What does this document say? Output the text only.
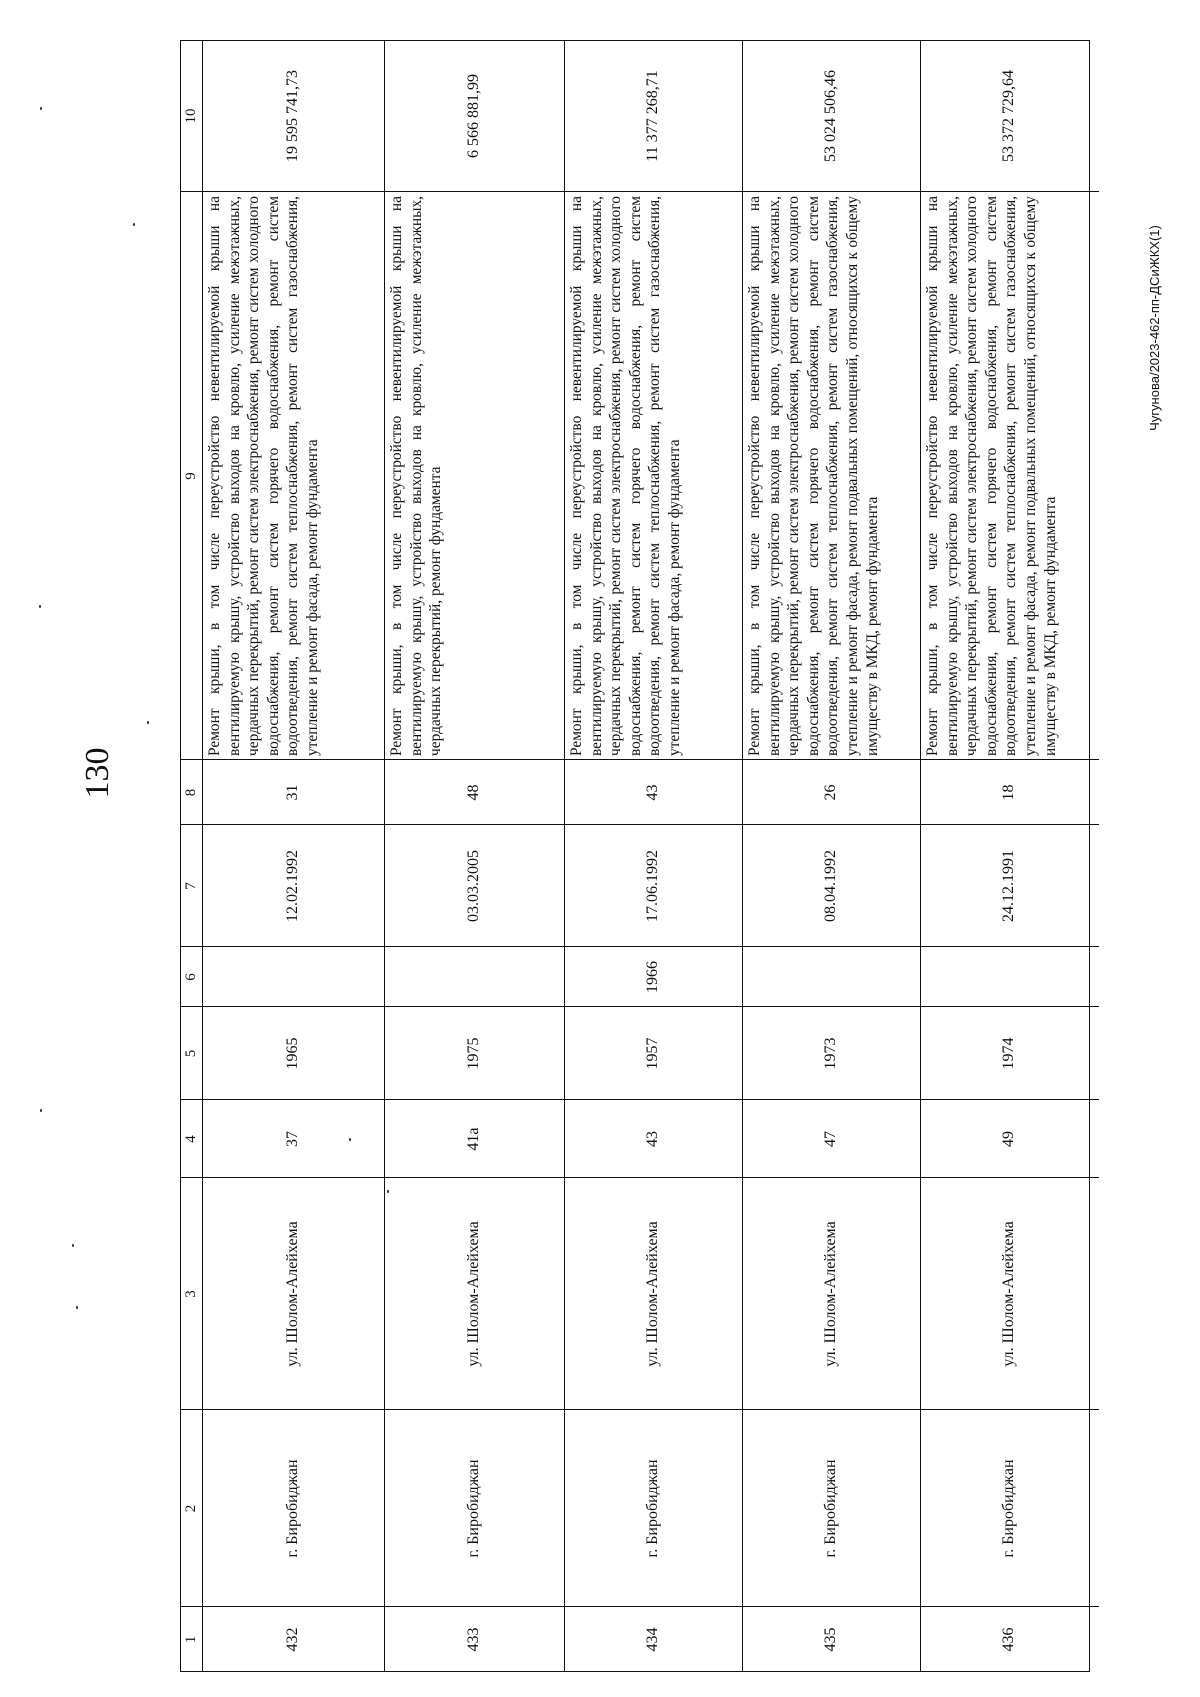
130
Чугунова/2023-462-пп-ДСиЖКХ(1)
10
9
8
7
6
5
4
3
2
1
19 595 741,73
Ремонт крыши, в том числе переустройство невентилируемой крыши на вентилируемую крышу, устройство выходов на кровлю, усиление межэтажных, чердачных перекрытий, ремонт систем электроснабжения, ремонт систем холодного водоснабжения, ремонт систем горячего водоснабжения, ремонт систем водоотведения, ремонт систем теплоснабжения, ремонт систем газоснабжения, утепление и ремонт фасада, ремонт фундамента
31
12.02.1992
1965
37
ул. Шолом-Алейхема
г. Биробиджан
432
6 566 881,99
Ремонт крыши, в том числе переустройство невентилируемой крыши на вентилируемую крышу, устройство выходов на кровлю, усиление межэтажных, чердачных перекрытий, ремонт фундамента
48
03.03.2005
1975
41а
ул. Шолом-Алейхема
г. Биробиджан
433
11 377 268,71
Ремонт крыши, в том числе переустройство невентилируемой крыши на вентилируемую крышу, устройство выходов на кровлю, усиление межэтажных, чердачных перекрытий, ремонт систем электроснабжения, ремонт систем холодного водоснабжения, ремонт систем горячего водоснабжения, ремонт систем водоотведения, ремонт систем теплоснабжения, ремонт систем газоснабжения, утепление и ремонт фасада, ремонт фундамента
43
17.06.1992
1966
1957
43
ул. Шолом-Алейхема
г. Биробиджан
434
53 024 506,46
Ремонт крыши, в том числе переустройство невентилируемой крыши на вентилируемую крышу, устройство выходов на кровлю, усиление межэтажных, чердачных перекрытий, ремонт систем электроснабжения, ремонт систем холодного водоснабжения, ремонт систем горячего водоснабжения, ремонт систем водоотведения, ремонт систем теплоснабжения, ремонт систем газоснабжения, утепление и ремонт фасада, ремонт подвальных помещений, относящихся к общему имуществу в МКД, ремонт фундамента
26
08.04.1992
1973
47
ул. Шолом-Алейхема
г. Биробиджан
435
53 372 729,64
Ремонт крыши, в том числе переустройство невентилируемой крыши на вентилируемую крышу, устройство выходов на кровлю, усиление межэтажных, чердачных перекрытий, ремонт систем электроснабжения, ремонт систем холодного водоснабжения, ремонт систем горячего водоснабжения, ремонт систем водоотведения, ремонт систем теплоснабжения, ремонт систем газоснабжения, утепление и ремонт фасада, ремонт подвальных помещений, относящихся к общему имуществу в МКД, ремонт фундамента
18
24.12.1991
1974
49
ул. Шолом-Алейхема
г. Биробиджан
436
